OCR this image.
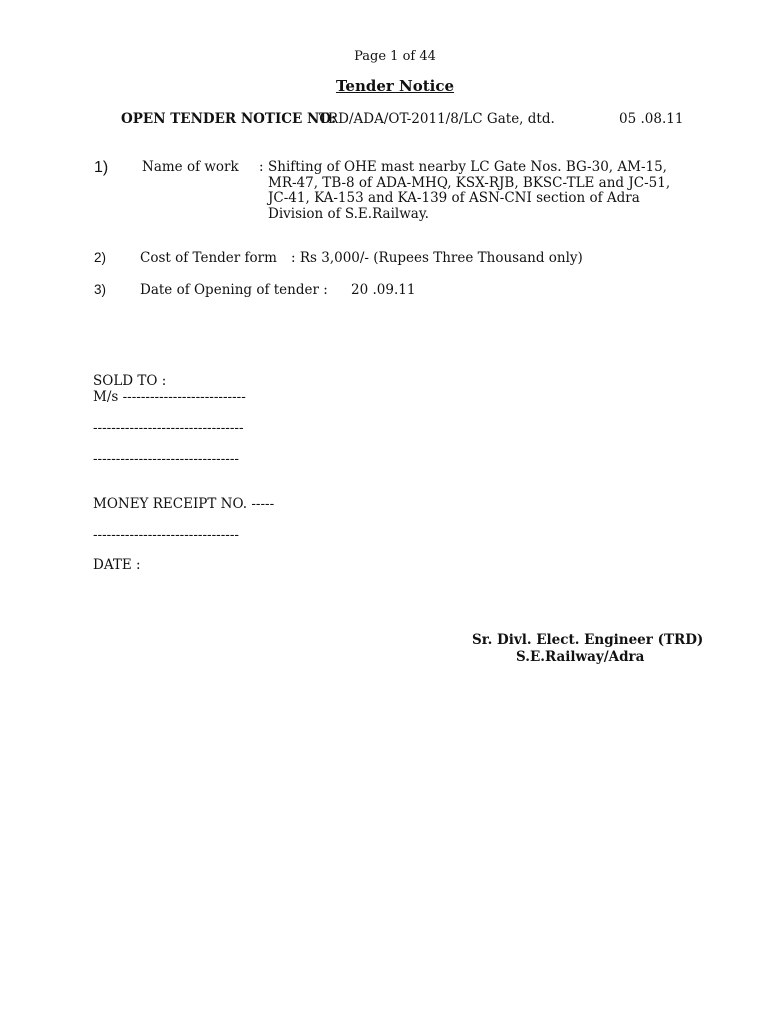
Page 1 of 44
Tender Notice
OPEN TENDER NOTICE NO:
TRD/ADA/OT-2011/8/LC Gate, dtd.	05 .08.11
1)	Name of work : Shifting of OHE mast nearby LC Gate Nos. BG-30, AM-15,
MR-47, TB-8 of ADA-MHQ, KSX-RJB, BKSC-TLE and JC-51,
JC-41, KA-153 and KA-139 of ASN-CNI section of Adra
Division of S.E.Railway.
2)	Cost of Tender form : Rs 3,000/- (Rupees Three Thousand only)
3)	Date of Opening of tender : 20 .09.11
SOLD TO :
M/s ---------------------------
---------------------------------
--------------------------------
MONEY RECEIPT NO. -----
--------------------------------
DATE :
Sr. Divl. Elect. Engineer (TRD)
S.E.Railway/Adra
